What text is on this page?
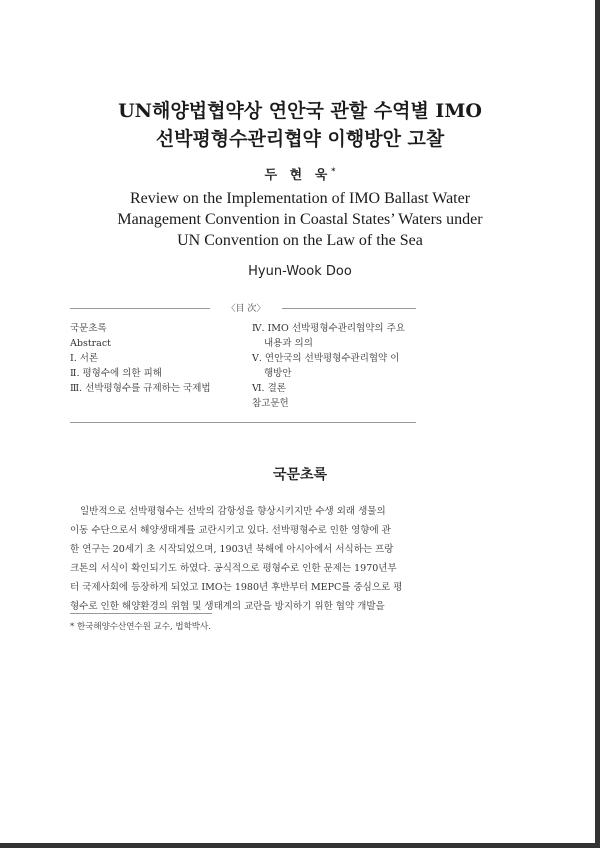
UN해양법협약상 연안국 관할 수역별 IMO
선박평형수관리협약 이행방안 고찰
두 현 욱*
Review on the Implementation of IMO Ballast Water
Management Convention in Coastal States’ Waters under
UN Convention on the Law of the Sea
Hyun-Wook Doo
〈目 次〉
국문초록
Abstract
Ⅰ. 서론
Ⅱ. 평형수에 의한 피해
Ⅲ. 선박평형수를 규제하는 국제법
Ⅳ. IMO 선박평형수관리협약의 주요
내용과 의의
Ⅴ. 연안국의 선박평형수관리협약 이
행방안
Ⅵ. 결론
참고문헌
국문초록
일반적으로 선박평형수는 선박의 감항성을 향상시키지만 수생 외래 생물의
이동 수단으로서 해양생태계를 교란시키고 있다. 선박평형수로 인한 영향에 관
한 연구는 20세기 초 시작되었으며, 1903년 북해에 아시아에서 서식하는 프랑
크톤의 서식이 확인되기도 하였다. 공식적으로 평형수로 인한 문제는 1970년부
터 국제사회에 등장하게 되었고 IMO는 1980년 후반부터 MEPC를 중심으로 평
형수로 인한 해양환경의 위협 및 생태계의 교란을 방지하기 위한 협약 개발을
* 한국해양수산연수원 교수, 법학박사.
